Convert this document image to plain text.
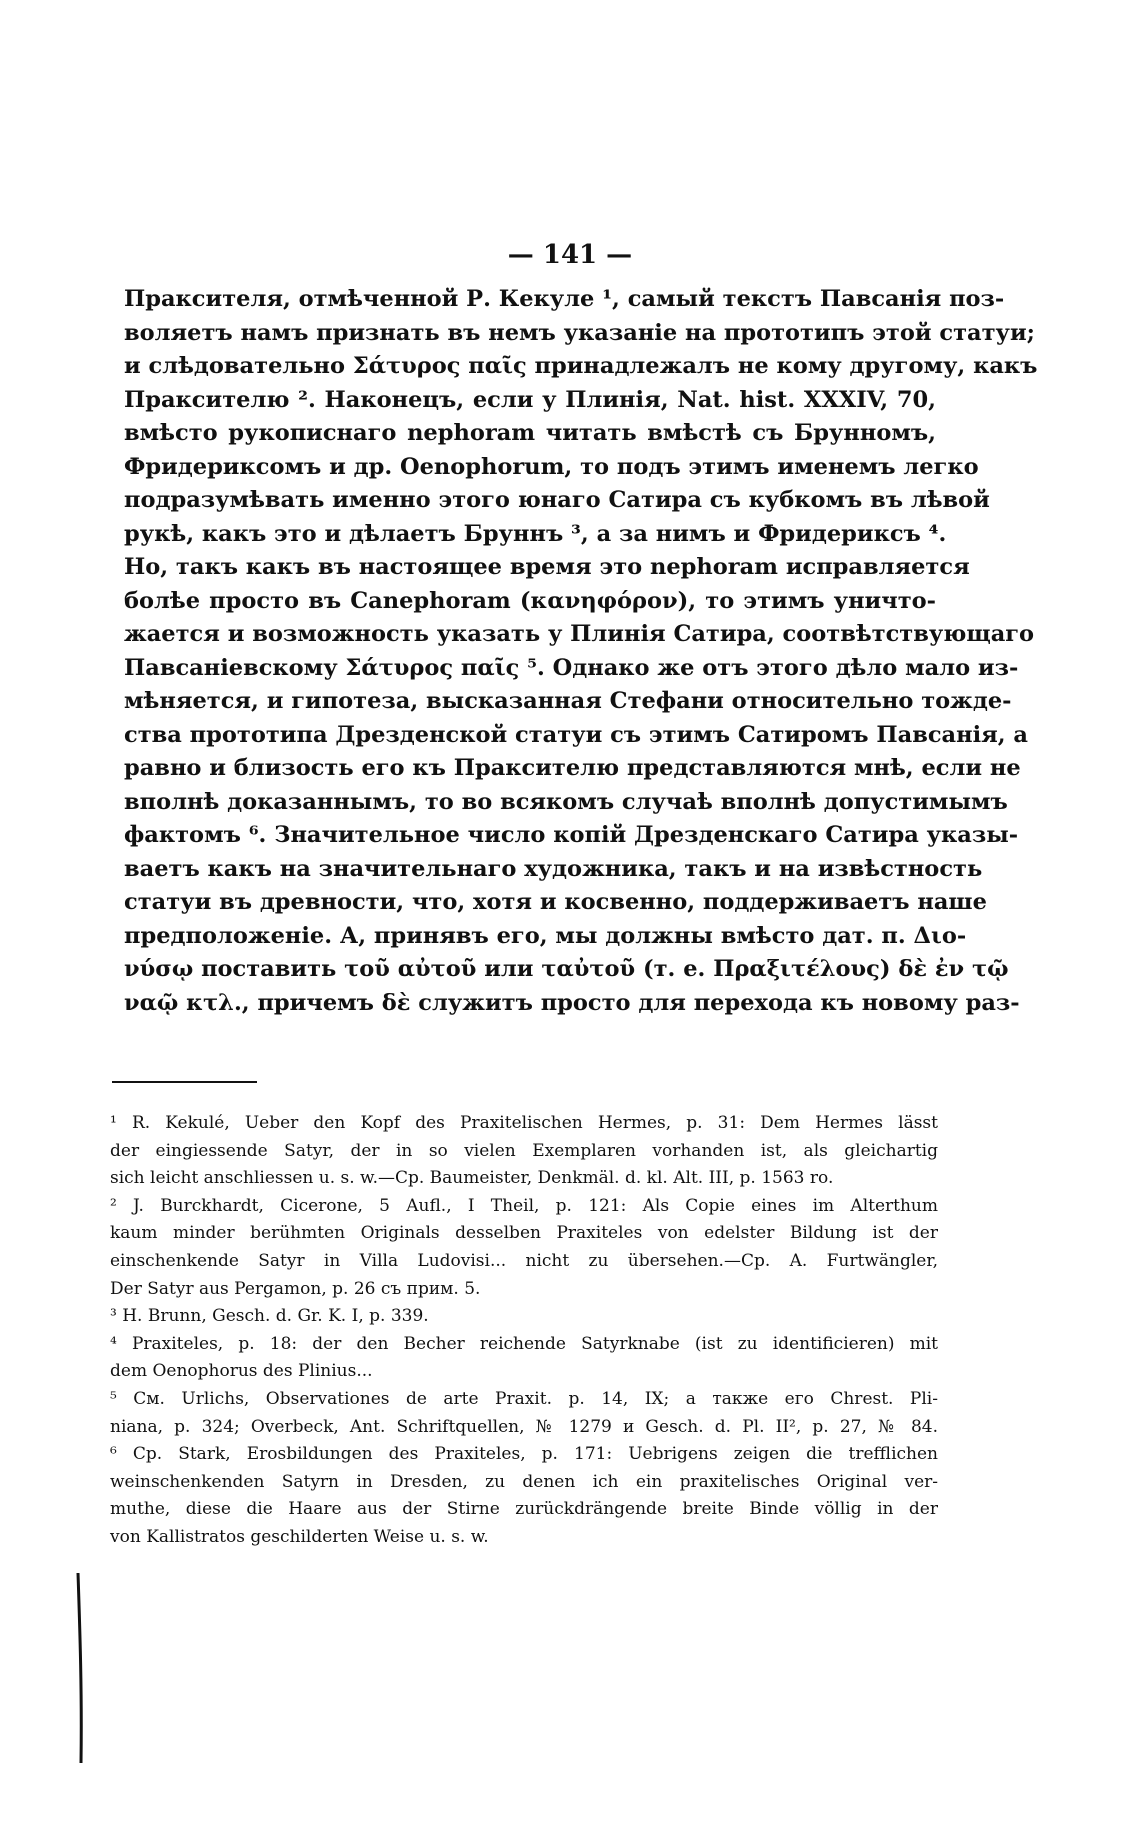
— 141 —
Праксителя, отмѣченной Р. Кекуле ¹, самый текстъ Павсанія поз-
воляетъ намъ признать въ немъ указаніе на прототипъ этой статуи;
и слѣдовательно Σάτυρος παῖς принадлежалъ не кому другому, какъ
Праксителю ². Наконецъ, если у Плинія, Nat. hist. XXXIV, 70,
вмѣсто рукописнаго nephoram читать вмѣстѣ съ Брунномъ,
Фридериксомъ и др. Oenophorum, то подъ этимъ именемъ легко
подразумѣвать именно этого юнаго Сатира съ кубкомъ въ лѣвой
рукѣ, какъ это и дѣлаетъ Бруннъ ³, а за нимъ и Фридериксъ ⁴.
Но, такъ какъ въ настоящее время это nephoram исправляется
болѣе просто въ Canephoram (κανηφόρον), то этимъ уничто-
жается и возможность указать у Плинія Сатира, соотвѣтствующаго
Павсаніевскому Σάτυρος παῖς ⁵. Однако же отъ этого дѣло мало из-
мѣняется, и гипотеза, высказанная Стефани относительно тожде-
ства прототипа Дрезденской статуи съ этимъ Сатиромъ Павсанія, а
равно и близость его къ Праксителю представляются мнѣ, если не
вполнѣ доказаннымъ, то во всякомъ случаѣ вполнѣ допустимымъ
фактомъ ⁶. Значительное число копій Дрезденскаго Сатира указы-
ваетъ какъ на значительнаго художника, такъ и на извѣстность
статуи въ древности, что, хотя и косвенно, поддерживаетъ наше
предположеніе. А, принявъ его, мы должны вмѣсто дат. п. Διο-
νύσῳ поставить τοῦ αὐτοῦ или ταὐτοῦ (т. е. Πραξιτέλους) δὲ ἐν τῷ
ναῷ κτλ., причемъ δὲ служитъ просто для перехода къ новому раз-
¹ R. Kekulé, Ueber den Kopf des Praxitelischen Hermes, p. 31: Dem Hermes lässt
der eingiessende Satyr, der in so vielen Exemplaren vorhanden ist, als gleichartig
sich leicht anschliessen u. s. w.—Cp. Baumeister, Denkmäl. d. kl. Alt. III, p. 1563 ro.
² J. Burckhardt, Cicerone, 5 Aufl., I Theil, p. 121: Als Copie eines im Alterthum
kaum minder berühmten Originals desselben Praxiteles von edelster Bildung ist der
einschenkende Satyr in Villa Ludovisi... nicht zu übersehen.—Cp. A. Furtwängler,
Der Satyr aus Pergamon, p. 26 съ прим. 5.
³ H. Brunn, Gesch. d. Gr. K. I, p. 339.
⁴ Praxiteles, p. 18: der den Becher reichende Satyrknabe (ist zu identificieren) mit
dem Oenophorus des Plinius...
⁵ См. Urlichs, Observationes de arte Praxit. p. 14, IX; а также его Chrest. Pli-
niana, p. 324; Overbeck, Ant. Schriftquellen, № 1279 и Gesch. d. Pl. II², p. 27, № 84.
⁶ Cp. Stark, Erosbildungen des Praxiteles, p. 171: Uebrigens zeigen die trefflichen
weinschenkenden Satyrn in Dresden, zu denen ich ein praxitelisches Original ver-
muthe, diese die Haare aus der Stirne zurückdrängende breite Binde völlig in der
von Kallistratos geschilderten Weise u. s. w.
